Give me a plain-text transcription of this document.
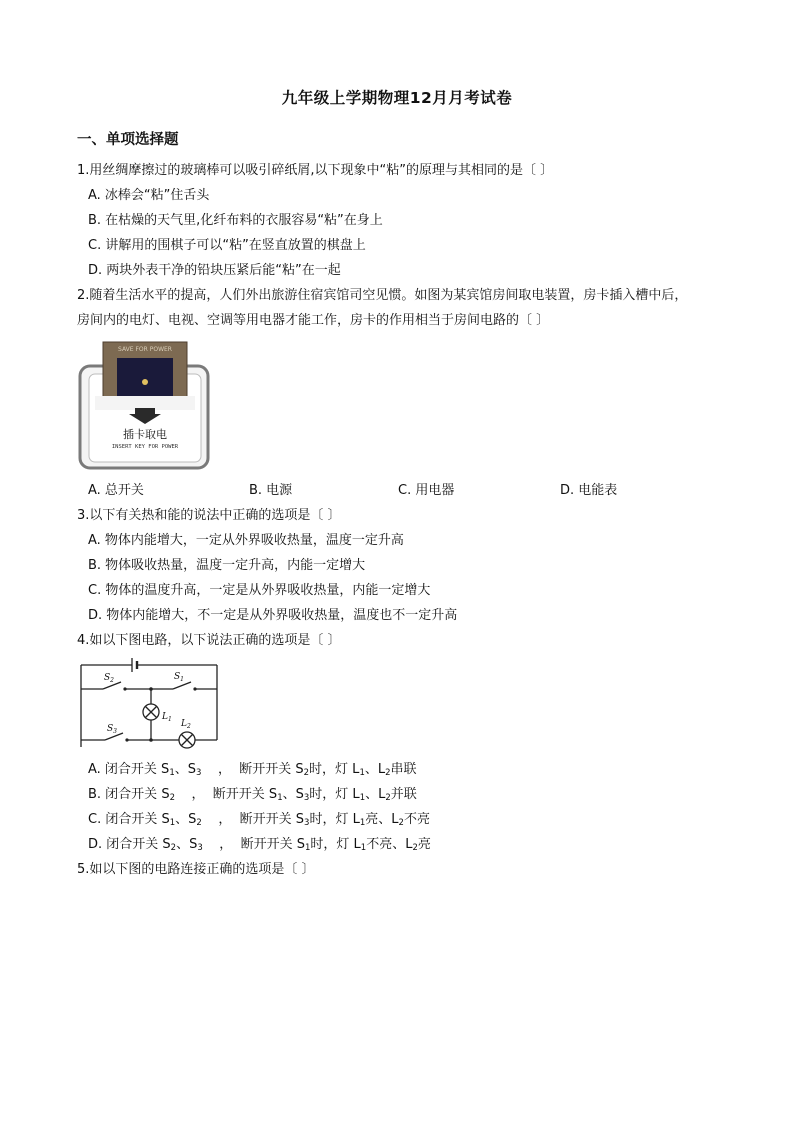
九年级上学期物理12月月考试卷
一、单项选择题
1.用丝绸摩擦过的玻璃棒可以吸引碎纸屑,以下现象中“粘”的原理与其相同的是〔 〕
A. 冰棒会“粘”住舌头
B. 在枯燥的天气里,化纤布料的衣服容易“粘”在身上
C. 讲解用的围棋子可以“粘”在竖直放置的棋盘上
D. 两块外表干净的铅块压紧后能“粘”在一起
2.随着生活水平的提高，人们外出旅游住宿宾馆司空见惯。如图为某宾馆房间取电装置，房卡插入槽中后，
房间内的电灯、电视、空调等用电器才能工作，房卡的作用相当于房间电路的〔 〕
SAVE FOR POWER
插卡取电
INSERT KEY FOR POWER
A. 总开关	B. 电源	C. 用电器	D. 电能表
3.以下有关热和能的说法中正确的选项是〔 〕
A. 物体内能增大，一定从外界吸收热量，温度一定升高
B. 物体吸收热量，温度一定升高，内能一定增大
C. 物体的温度升高，一定是从外界吸收热量，内能一定增大
D. 物体内能增大，不一定是从外界吸收热量，温度也不一定升高
4.如以下图电路，以下说法正确的选项是〔 〕
$S_2$	$S_1$
$S_3$
$L_1$ $L_2$
A. 闭合开关 $S_1$、$S_3$    ，  断开开关 $S_2$时，灯 $L_1$、$L_2$串联
B. 闭合开关 $S_2$    ，  断开开关 $S_1$、$S_3$时，灯 $L_1$、$L_2$并联
C. 闭合开关 $S_1$、$S_2$    ，  断开开关 $S_3$时，灯 $L_1$亮、$L_2$不亮
D. 闭合开关 $S_2$、$S_3$    ，  断开开关 $S_1$时，灯 $L_1$不亮、$L_2$亮
5.如以下图的电路连接正确的选项是〔 〕
